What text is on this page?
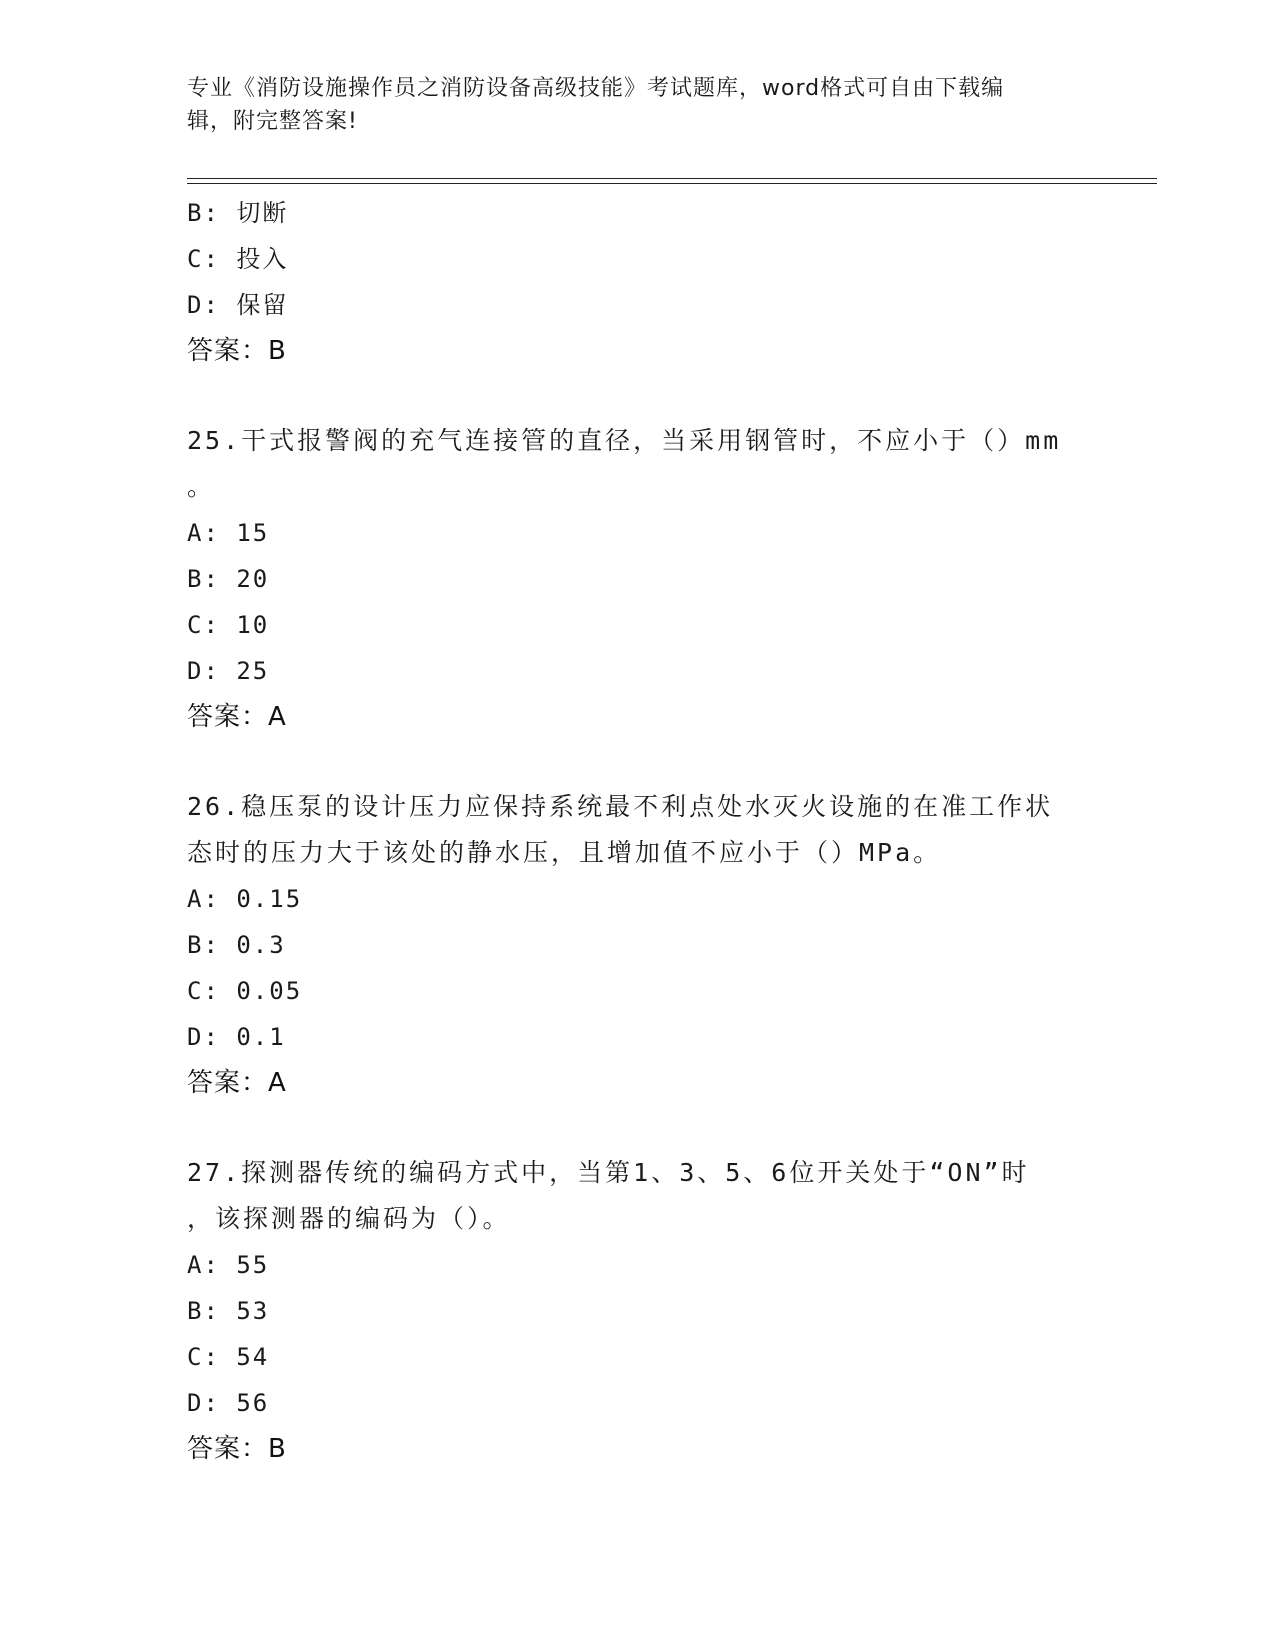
专业《消防设施操作员之消防设备高级技能》考试题库，word格式可自由下载编
辑，附完整答案!
B: 切断
C: 投入
D: 保留
答案：B
25.干式报警阀的充气连接管的直径，当采用钢管时，不应小于（）mm
。
A: 15
B: 20
C: 10
D: 25
答案：A
26.稳压泵的设计压力应保持系统最不利点处水灭火设施的在准工作状
态时的压力大于该处的静水压，且增加值不应小于（）MPa。
A: 0.15
B: 0.3
C: 0.05
D: 0.1
答案：A
27.探测器传统的编码方式中，当第1、3、5、6位开关处于“ON”时
，该探测器的编码为（）。
A: 55
B: 53
C: 54
D: 56
答案：B
